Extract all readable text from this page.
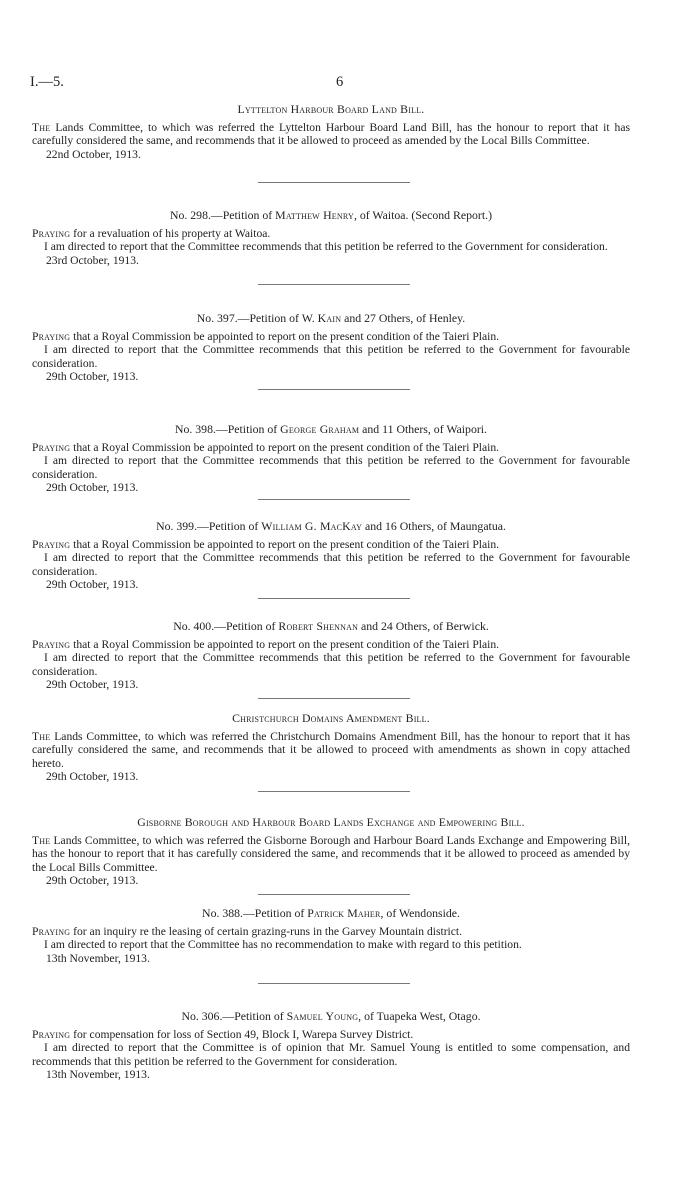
I.—5.	6
Lyttelton Harbour Board Land Bill.

The Lands Committee, to which was referred the Lyttelton Harbour Board Land Bill, has the honour to report that it has carefully considered the same, and recommends that it be allowed to proceed as amended by the Local Bills Committee.

22nd October, 1913.
No. 298.—Petition of Matthew Henry, of Waitoa. (Second Report.)

Praying for a revaluation of his property at Waitoa.

I am directed to report that the Committee recommends that this petition be referred to the Government for consideration.

23rd October, 1913.
No. 397.—Petition of W. Kain and 27 Others, of Henley.

Praying that a Royal Commission be appointed to report on the present condition of the Taieri Plain.

I am directed to report that the Committee recommends that this petition be referred to the Government for favourable consideration.

29th October, 1913.
No. 398.—Petition of George Graham and 11 Others, of Waipori.

Praying that a Royal Commission be appointed to report on the present condition of the Taieri Plain.

I am directed to report that the Committee recommends that this petition be referred to the Government for favourable consideration.

29th October, 1913.
No. 399.—Petition of William G. MacKay and 16 Others, of Maungatua.

Praying that a Royal Commission be appointed to report on the present condition of the Taieri Plain.

I am directed to report that the Committee recommends that this petition be referred to the Government for favourable consideration.

29th October, 1913.
No. 400.—Petition of Robert Shennan and 24 Others, of Berwick.

Praying that a Royal Commission be appointed to report on the present condition of the Taieri Plain.

I am directed to report that the Committee recommends that this petition be referred to the Government for favourable consideration.

29th October, 1913.
Christchurch Domains Amendment Bill.

The Lands Committee, to which was referred the Christchurch Domains Amendment Bill, has the honour to report that it has carefully considered the same, and recommends that it be allowed to proceed with amendments as shown in copy attached hereto.

29th October, 1913.
Gisborne Borough and Harbour Board Lands Exchange and Empowering Bill.

The Lands Committee, to which was referred the Gisborne Borough and Harbour Board Lands Exchange and Empowering Bill, has the honour to report that it has carefully considered the same, and recommends that it be allowed to proceed as amended by the Local Bills Committee.

29th October, 1913.
No. 388.—Petition of Patrick Maher, of Wendonside.

Praying for an inquiry re the leasing of certain grazing-runs in the Garvey Mountain district.

I am directed to report that the Committee has no recommendation to make with regard to this petition.

13th November, 1913.
No. 306.—Petition of Samuel Young, of Tuapeka West, Otago.

Praying for compensation for loss of Section 49, Block I, Warepa Survey District.

I am directed to report that the Committee is of opinion that Mr. Samuel Young is entitled to some compensation, and recommends that this petition be referred to the Government for consideration.

13th November, 1913.
